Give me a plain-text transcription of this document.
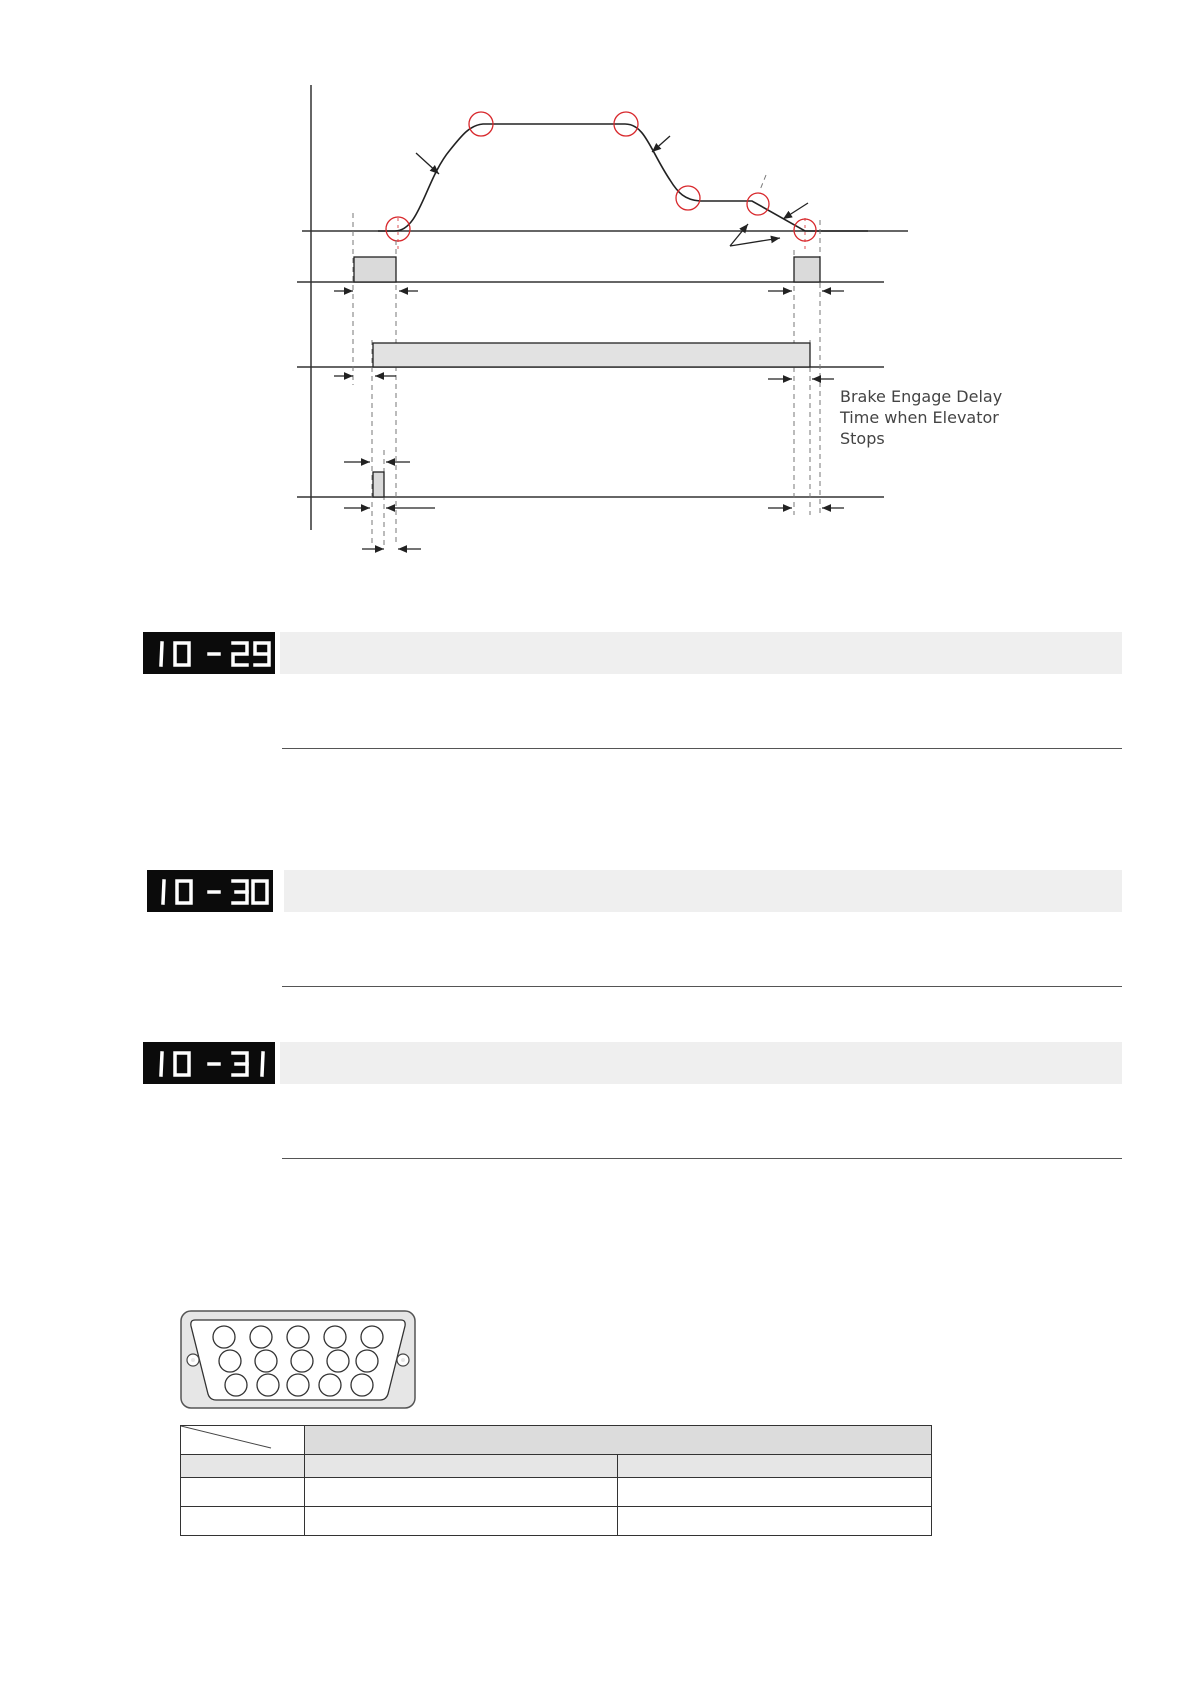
Brake Engage Delay
Time when Elevator
Stops
